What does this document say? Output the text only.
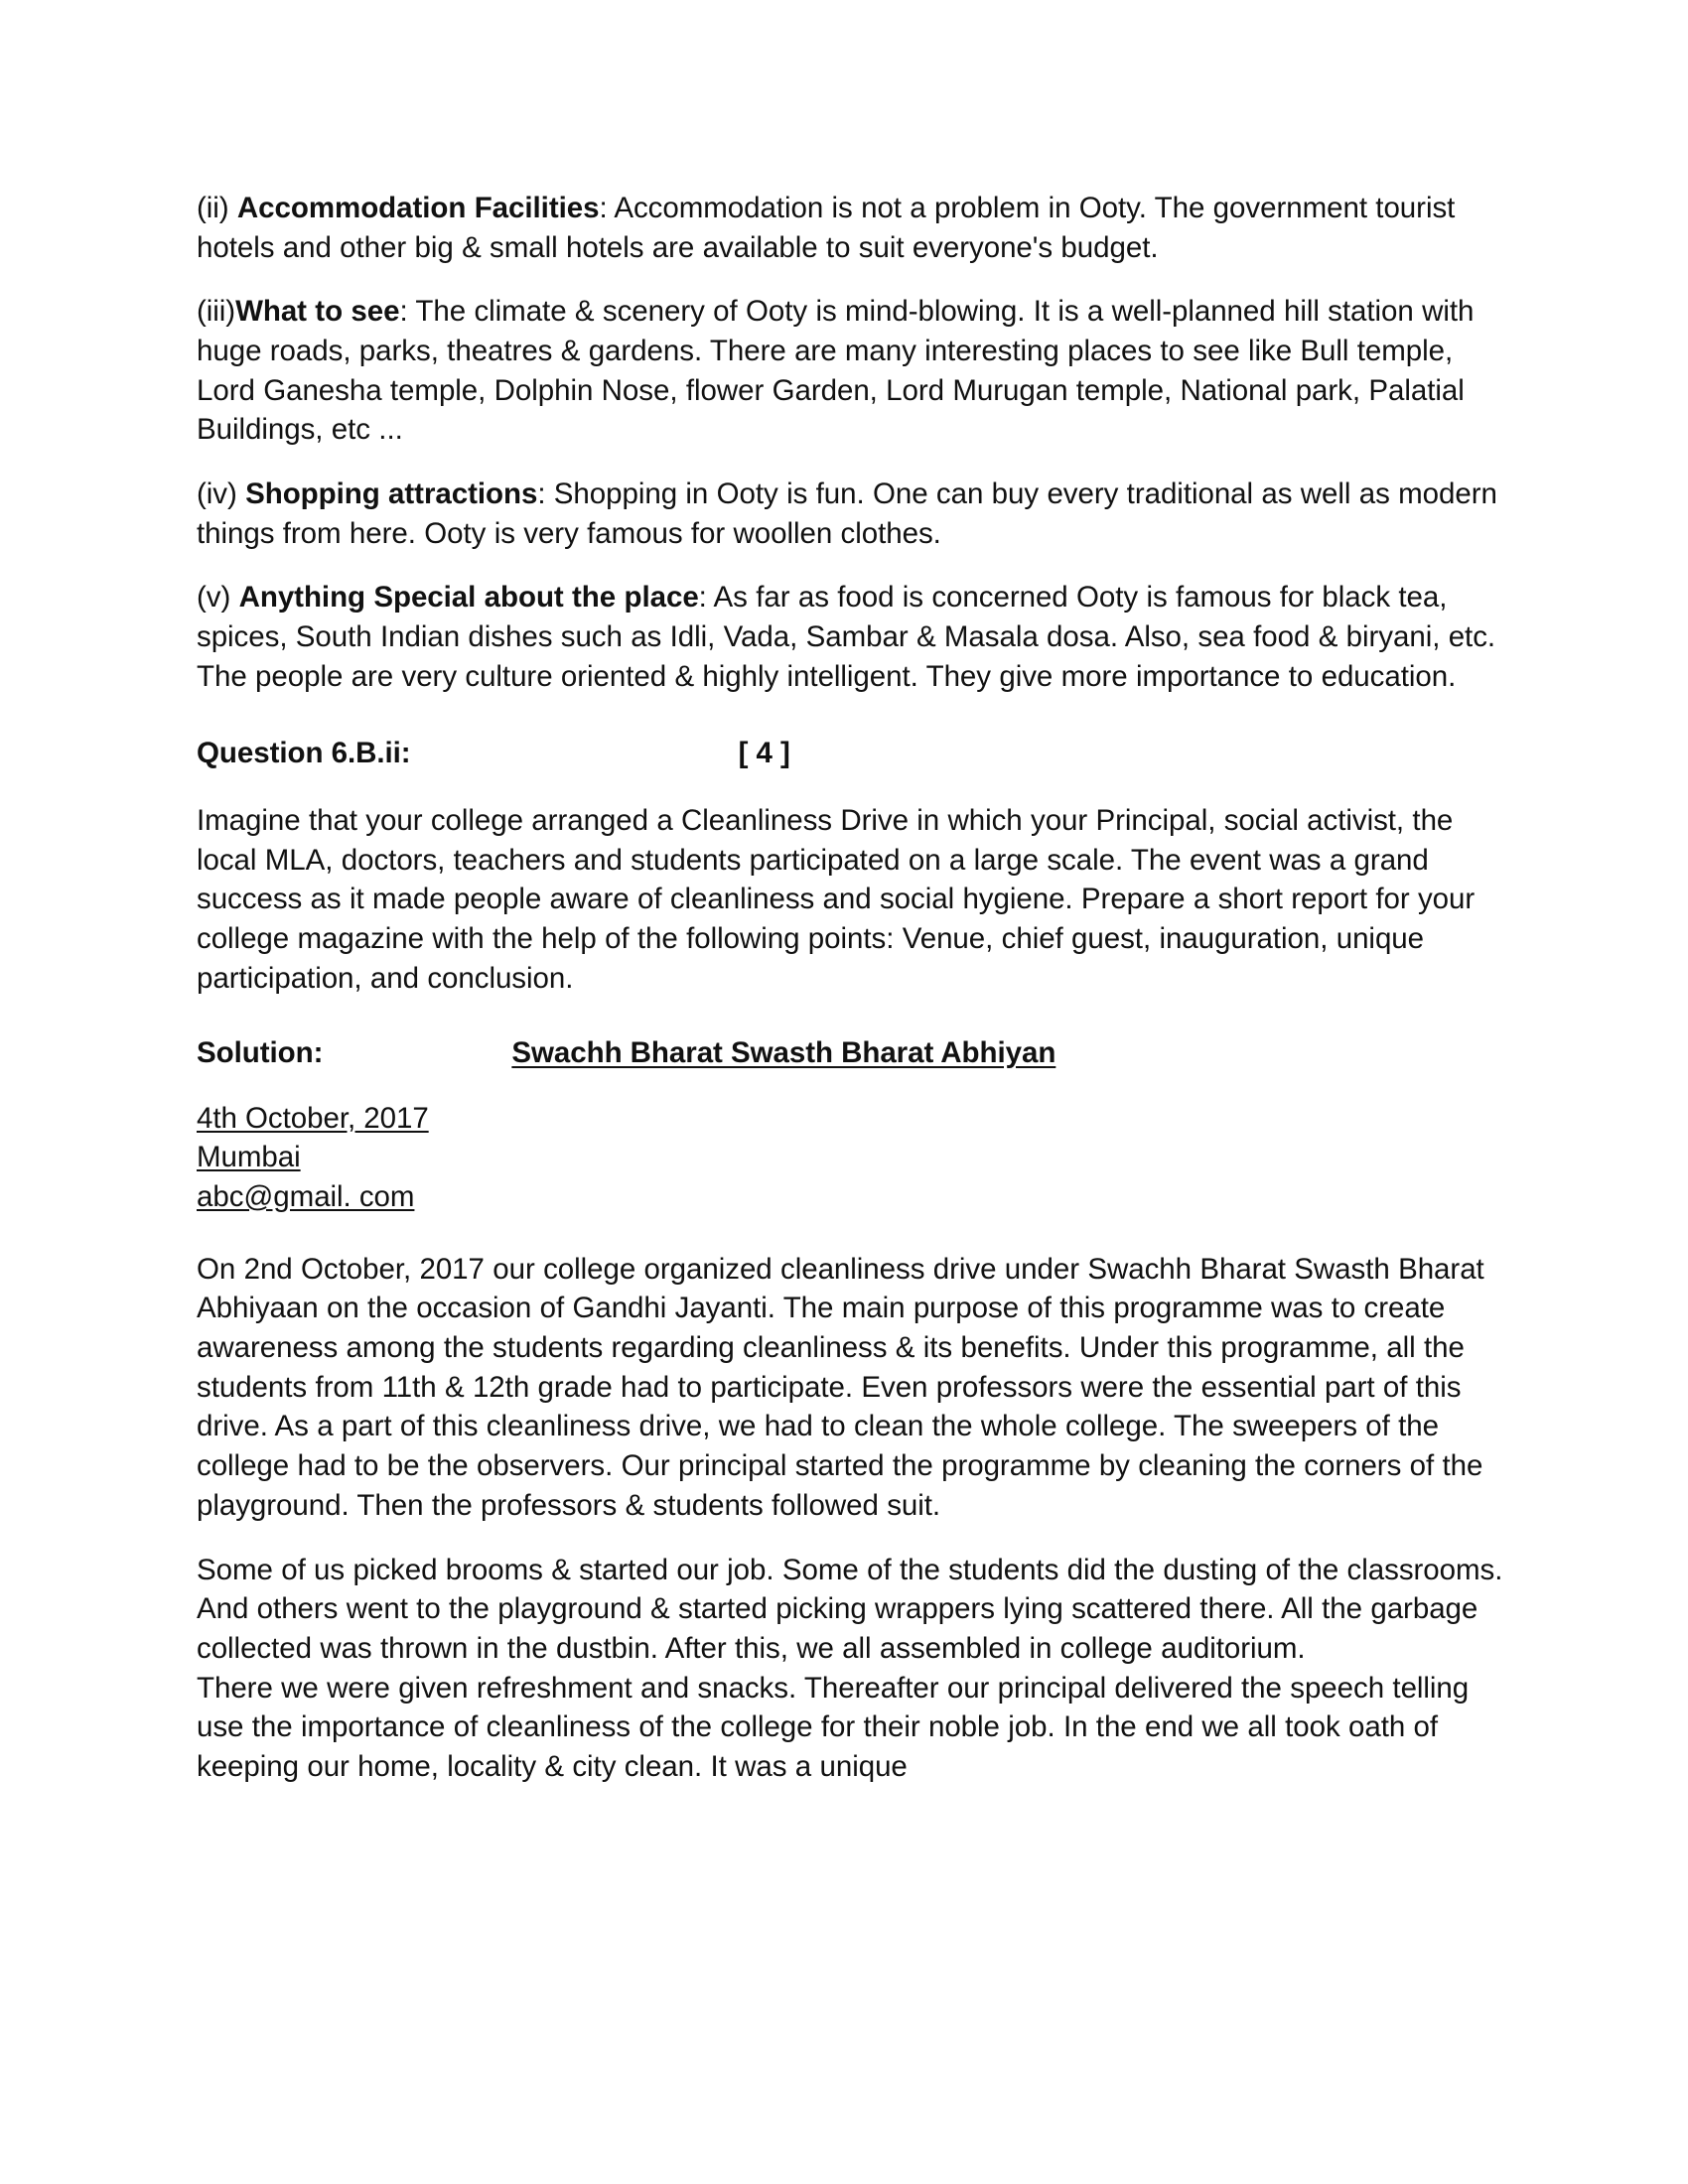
(ii) Accommodation Facilities: Accommodation is not a problem in Ooty. The government tourist hotels and other big & small hotels are available to suit everyone's budget.

(iii)What to see: The climate & scenery of Ooty is mind-blowing. It is a well-planned hill station with huge roads, parks, theatres & gardens. There are many interesting places to see like Bull temple, Lord Ganesha temple, Dolphin Nose, flower Garden, Lord Murugan temple, National park, Palatial Buildings, etc ...

(iv) Shopping attractions: Shopping in Ooty is fun. One can buy every traditional as well as modern things from here. Ooty is very famous for woollen clothes.

(v) Anything Special about the place: As far as food is concerned Ooty is famous for black tea, spices, South Indian dishes such as Idli, Vada, Sambar & Masala dosa. Also, sea food & biryani, etc.

The people are very culture oriented & highly intelligent. They give more importance to education.

Question 6.B.ii:	[ 4 ]

Imagine that your college arranged a Cleanliness Drive in which your Principal, social activist, the local MLA, doctors, teachers and students participated on a large scale. The event was a grand success as it made people aware of cleanliness and social hygiene. Prepare a short report for your college magazine with the help of the following points: Venue, chief guest, inauguration, unique participation, and conclusion.

Solution:	Swachh Bharat Swasth Bharat Abhiyan
4th October, 2017
Mumbai
abc@gmail. com

On 2nd October, 2017 our college organized cleanliness drive under Swachh Bharat Swasth Bharat Abhiyaan on the occasion of Gandhi Jayanti. The main purpose of this programme was to create awareness among the students regarding cleanliness & its benefits. Under this programme, all the students from 11th & 12th grade had to participate. Even professors were the essential part of this drive. As a part of this cleanliness drive, we had to clean the whole college. The sweepers of the college had to be the observers. Our principal started the programme by cleaning the corners of the playground. Then the professors & students followed suit.

Some of us picked brooms & started our job. Some of the students did the dusting of the classrooms. And others went to the playground & started picking wrappers lying scattered there. All the garbage collected was thrown in the dustbin. After this, we all assembled in college auditorium.

There we were given refreshment and snacks. Thereafter our principal delivered the speech telling use the importance of cleanliness of the college for their noble job. In the end we all took oath of keeping our home, locality & city clean. It was a unique
